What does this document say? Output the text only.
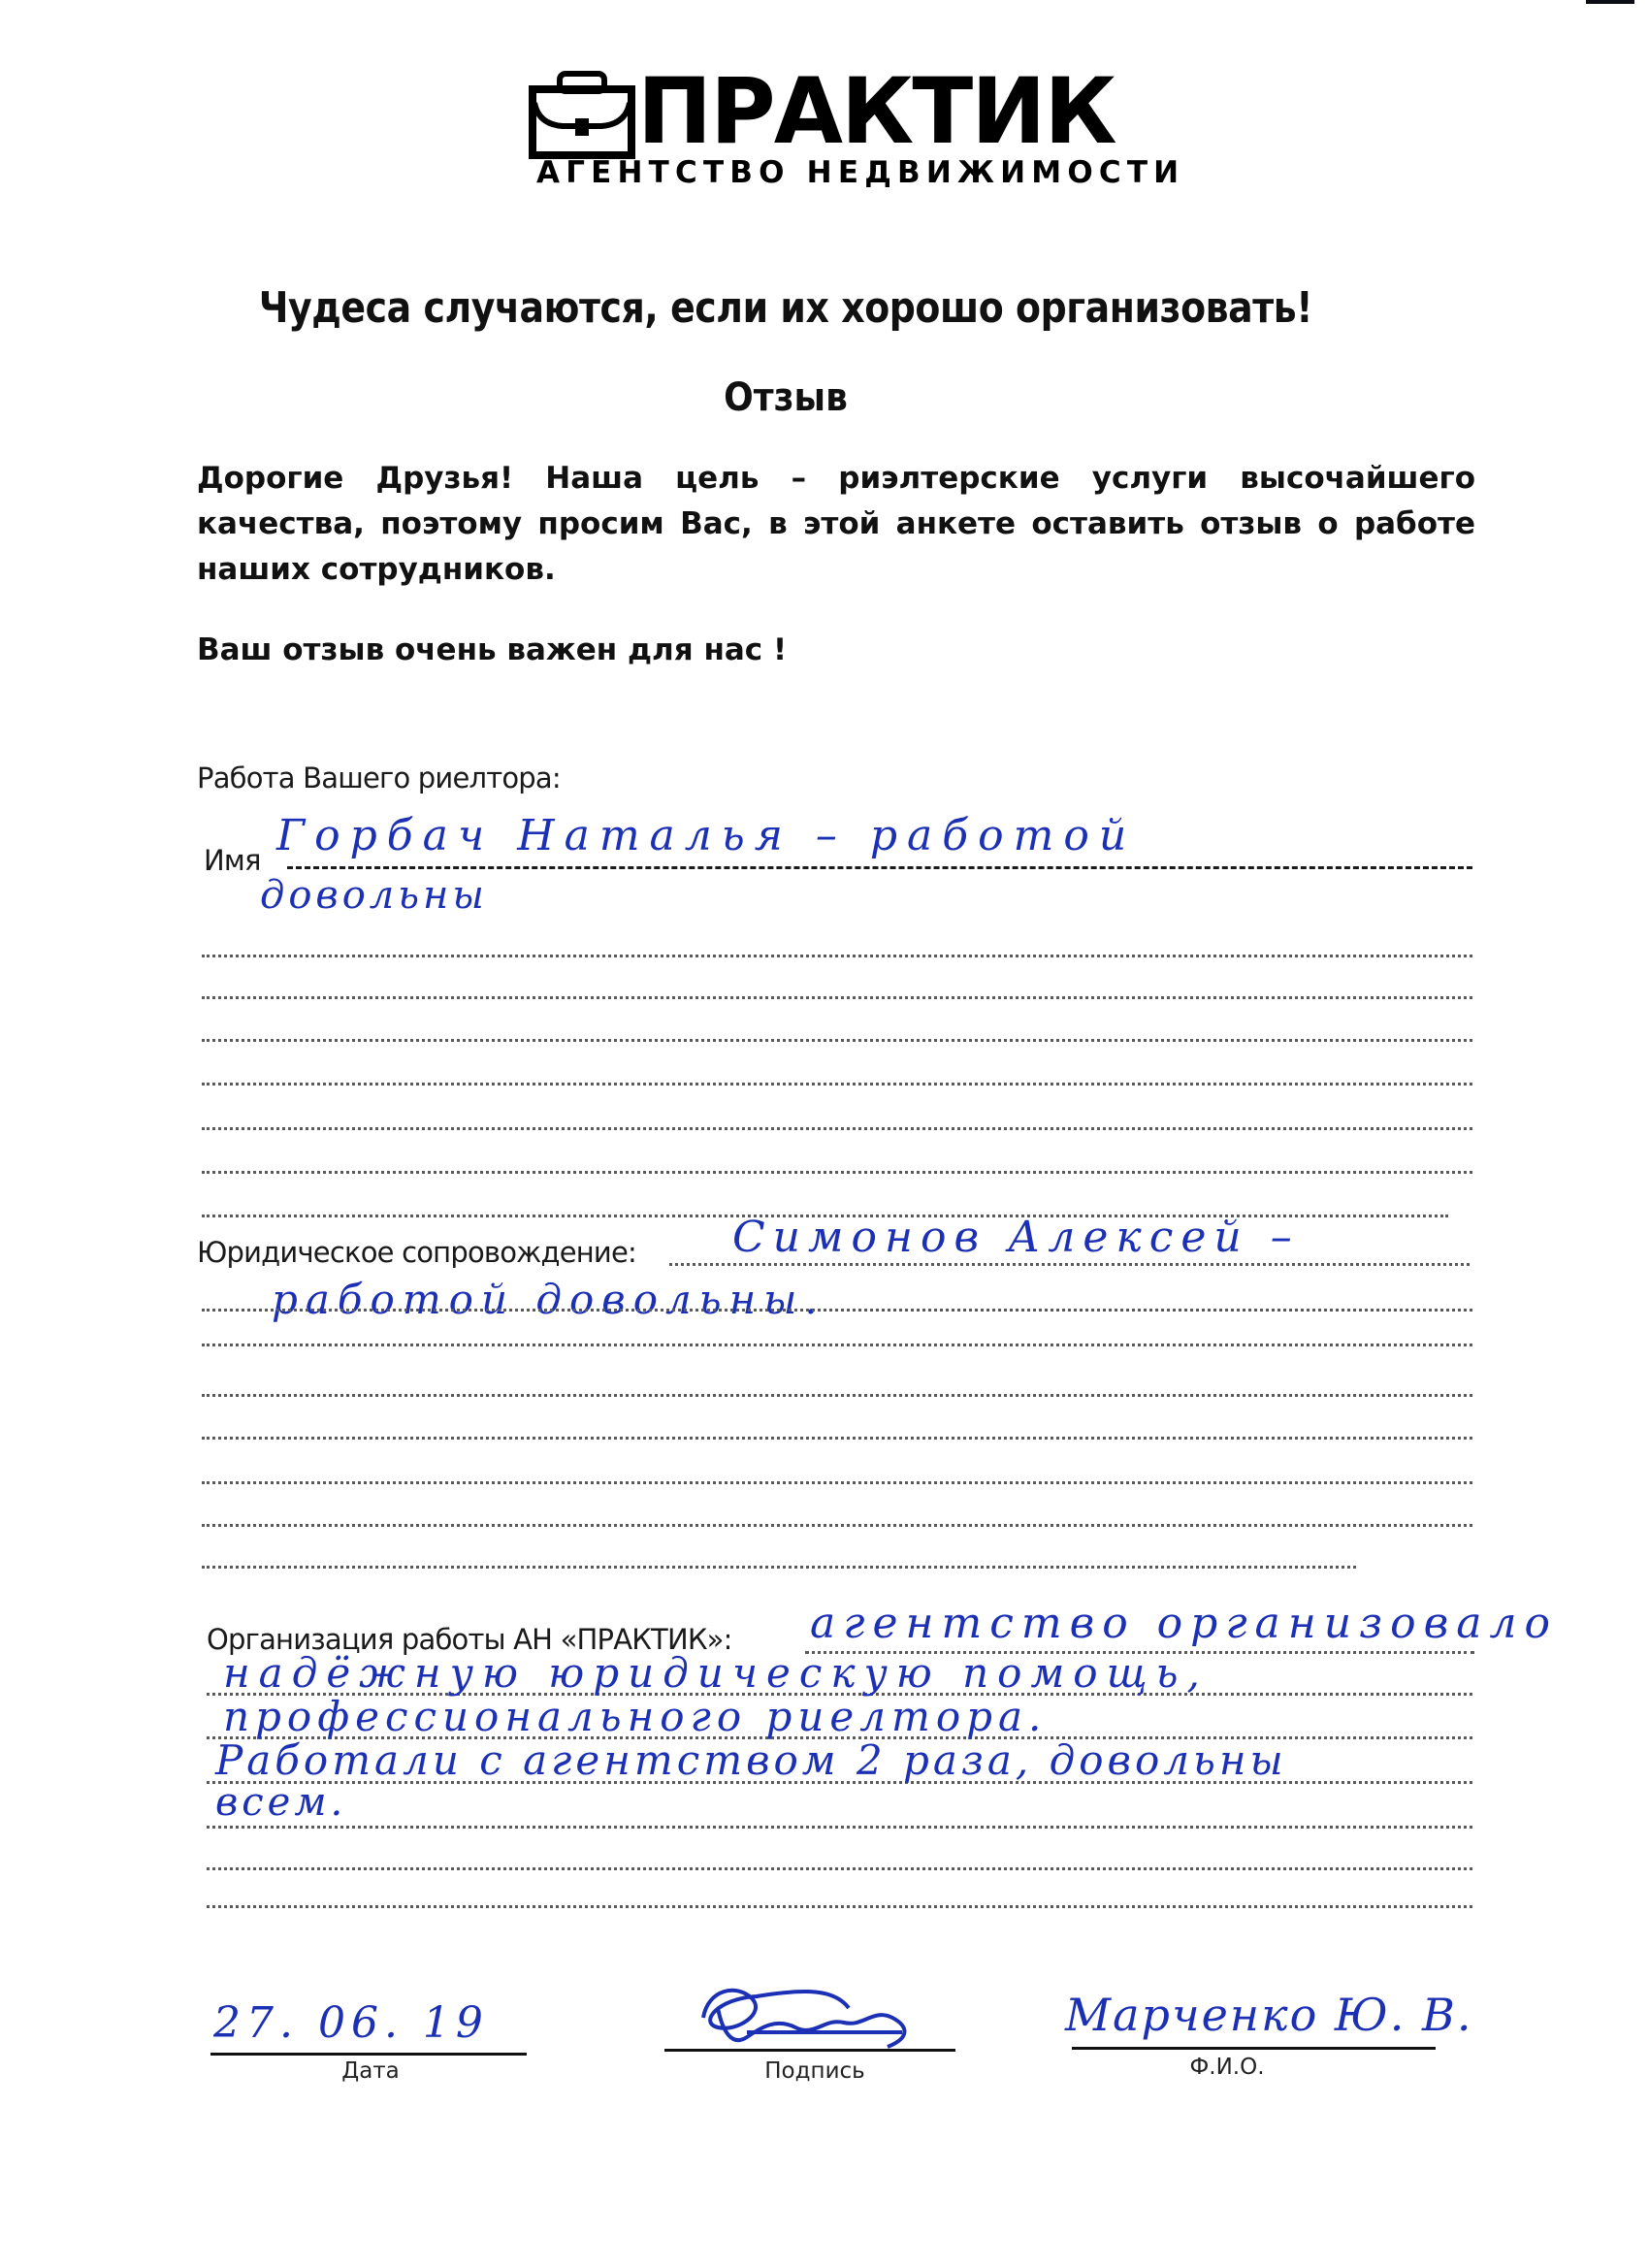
ПРАКТИК
АГЕНТСТВО НЕДВИЖИМОСТИ
Чудеса случаются, если их хорошо организовать!
Отзыв
Дорогие Друзья! Наша цель – риэлтерские услуги высочайшего качества, поэтому просим Вас, в этой анкете оставить отзыв о работе наших сотрудников.
Ваш отзыв очень важен для нас !
Работа Вашего риелтора:
Имя Горбач Наталья – работой
довольны
Юридическое сопровождение: Симонов Алексей –
работой довольны.
Организация работы АН «ПРАКТИК»: агентство организовало
надёжную юридическую помощь,
профессионального риелтора.
Работали с агентством 2 раза, довольны
всем.
27. 06. 19
Дата	Подпись
Марченко Ю. В.
Ф.И.О.
